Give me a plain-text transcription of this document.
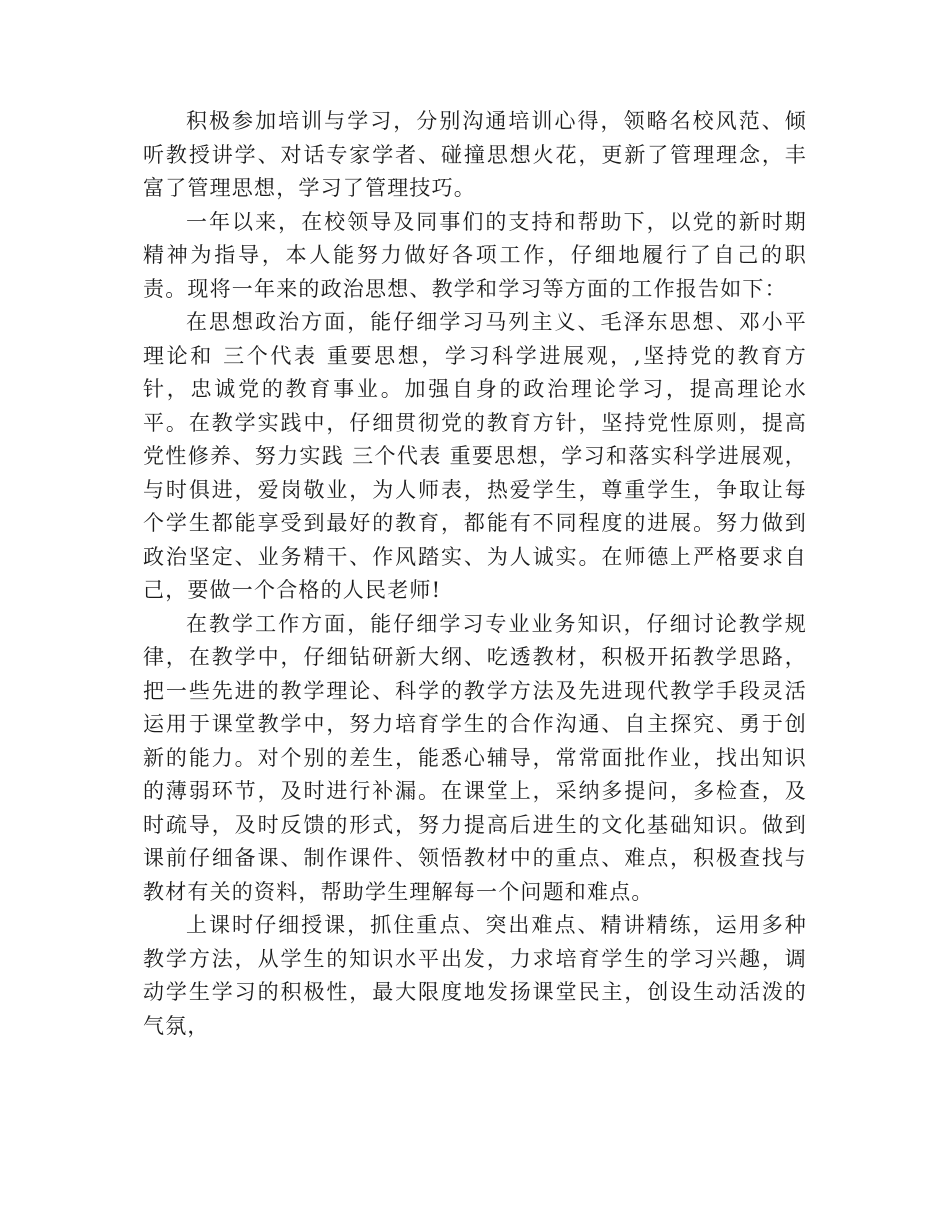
积极参加培训与学习，分别沟通培训心得，领略名校风范、倾听教授讲学、对话专家学者、碰撞思想火花，更新了管理理念，丰富了管理思想，学习了管理技巧。

一年以来，在校领导及同事们的支持和帮助下，以党的新时期精神为指导，本人能努力做好各项工作，仔细地履行了自己的职责。现将一年来的政治思想、教学和学习等方面的工作报告如下：

在思想政治方面，能仔细学习马列主义、毛泽东思想、邓小平理论和 三个代表 重要思想，学习科学进展观，,坚持党的教育方针，忠诚党的教育事业。加强自身的政治理论学习，提高理论水平。在教学实践中，仔细贯彻党的教育方针，坚持党性原则，提高党性修养、努力实践 三个代表 重要思想，学习和落实科学进展观，与时俱进，爱岗敬业，为人师表，热爱学生，尊重学生，争取让每个学生都能享受到最好的教育，都能有不同程度的进展。努力做到政治坚定、业务精干、作风踏实、为人诚实。在师德上严格要求自己，要做一个合格的人民老师!

在教学工作方面，能仔细学习专业业务知识，仔细讨论教学规律，在教学中，仔细钻研新大纲、吃透教材，积极开拓教学思路，把一些先进的教学理论、科学的教学方法及先进现代教学手段灵活运用于课堂教学中，努力培育学生的合作沟通、自主探究、勇于创新的能力。对个别的差生，能悉心辅导，常常面批作业，找出知识的薄弱环节，及时进行补漏。在课堂上，采纳多提问，多检查，及时疏导，及时反馈的形式，努力提高后进生的文化基础知识。做到课前仔细备课、制作课件、领悟教材中的重点、难点，积极查找与教材有关的资料，帮助学生理解每一个问题和难点。

上课时仔细授课，抓住重点、突出难点、精讲精练，运用多种教学方法，从学生的知识水平出发，力求培育学生的学习兴趣，调动学生学习的积极性，最大限度地发扬课堂民主，创设生动活泼的气氛，
